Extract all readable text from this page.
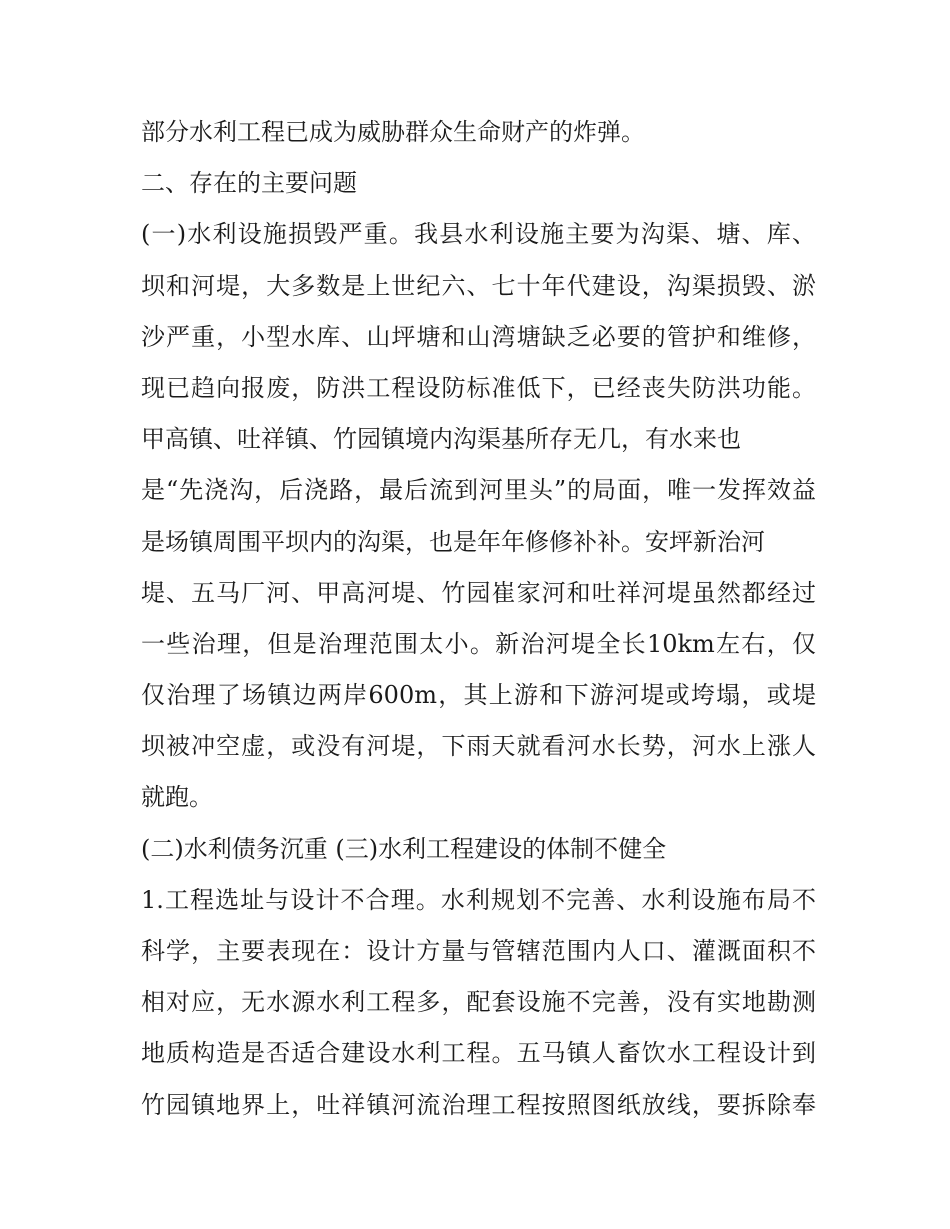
部分水利工程已成为威胁群众生命财产的炸弹。
二、存在的主要问题
(一)水利设施损毁严重。我县水利设施主要为沟渠、塘、库、
坝和河堤，大多数是上世纪六、七十年代建设，沟渠损毁、淤
沙严重，小型水库、山坪塘和山湾塘缺乏必要的管护和维修，
现已趋向报废，防洪工程设防标准低下，已经丧失防洪功能。
甲高镇、吐祥镇、竹园镇境内沟渠基所存无几，有水来也
是“先浇沟，后浇路，最后流到河里头”的局面，唯一发挥效益
是场镇周围平坝内的沟渠，也是年年修修补补。安坪新治河
堤、五马厂河、甲高河堤、竹园崔家河和吐祥河堤虽然都经过
一些治理，但是治理范围太小。新治河堤全长10km左右，仅
仅治理了场镇边两岸600m，其上游和下游河堤或垮塌，或堤
坝被冲空虚，或没有河堤，下雨天就看河水长势，河水上涨人
就跑。
(二)水利债务沉重 (三)水利工程建设的体制不健全
1.工程选址与设计不合理。水利规划不完善、水利设施布局不
科学，主要表现在：设计方量与管辖范围内人口、灌溉面积不
相对应，无水源水利工程多，配套设施不完善，没有实地勘测
地质构造是否适合建设水利工程。五马镇人畜饮水工程设计到
竹园镇地界上，吐祥镇河流治理工程按照图纸放线，要拆除奉
